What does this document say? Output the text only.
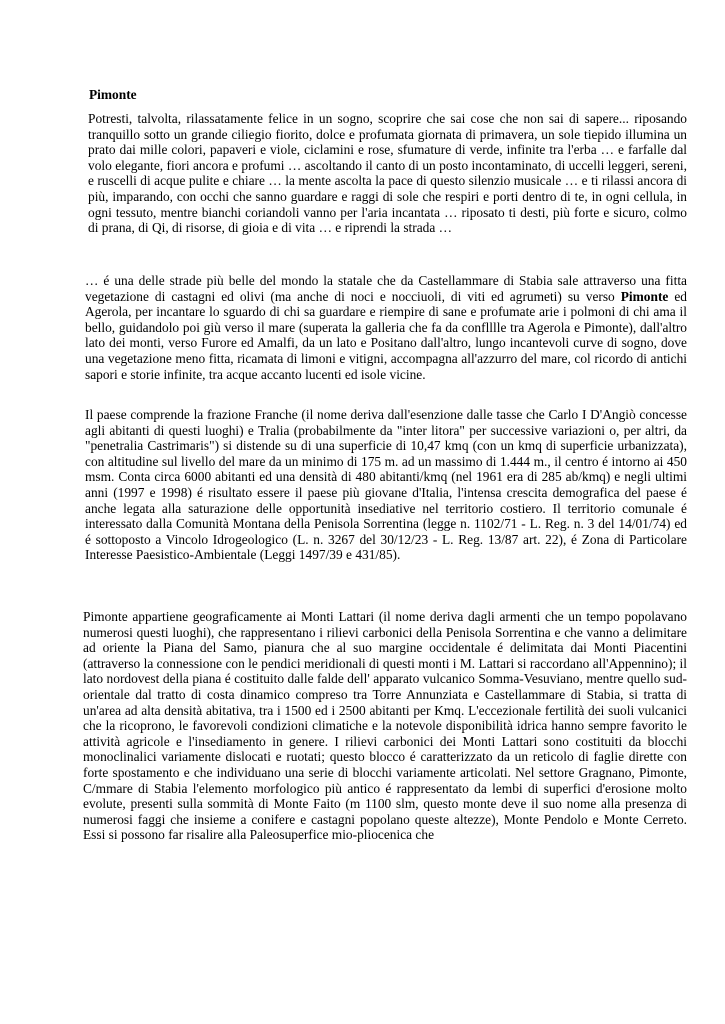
Pimonte

Potresti, talvolta, rilassatamente felice in un sogno, scoprire che sai cose che non sai di sapere... riposando tranquillo sotto un grande ciliegio fiorito, dolce e profumata giornata di primavera, un sole tiepido illumina un prato dai mille colori, papaveri e viole, ciclamini e rose, sfumature di verde, infinite tra l'erba … e farfalle dal volo elegante, fiori ancora e profumi … ascoltando il canto di un posto incontaminato, di uccelli leggeri, sereni, e ruscelli di acque pulite e chiare … la mente ascolta la pace di questo silenzio musicale … e ti rilassi ancora di più, imparando, con occhi che sanno guardare e raggi di sole che respiri e porti dentro di te, in ogni cellula, in ogni tessuto, mentre bianchi coriandoli vanno per l'aria incantata … riposato ti desti, più forte e sicuro, colmo di prana, di Qi, di risorse, di gioia e di vita … e riprendi la strada …

… é una delle strade più belle del mondo la statale che da Castellammare di Stabia sale attraverso una fitta vegetazione di castagni ed olivi (ma anche di noci e nocciuoli, di viti ed agrumeti) su verso Pimonte ed Agerola, per incantare lo sguardo di chi sa guardare e riempire di sane e profumate arie i polmoni di chi ama il bello, guidandolo poi giù verso il mare (superata la galleria che fa da conflllle tra Agerola e Pimonte), dall'altro lato dei monti, verso Furore ed Amalfi, da un lato e Positano dall'altro, lungo incantevoli curve di sogno, dove una vegetazione meno fitta, ricamata di limoni e vitigni, accompagna all'azzurro del mare, col ricordo di antichi sapori e storie infinite, tra acque accanto lucenti ed isole vicine.

Il paese comprende la frazione Franche (il nome deriva dall'esenzione dalle tasse che Carlo I D'Angiò concesse agli abitanti di questi luoghi) e Tralia (probabilmente da "inter litora" per successive variazioni o, per altri, da "penetralia Castrimaris") si distende su di una superficie di 10,47 kmq (con un kmq di superficie urbanizzata), con altitudine sul livello del mare da un minimo di 175 m. ad un massimo di 1.444 m., il centro é intorno ai 450 msm. Conta circa 6000 abitanti ed una densità di 480 abitanti/kmq (nel 1961 era di 285 ab/kmq) e negli ultimi anni (1997 e 1998) é risultato essere il paese più giovane d'Italia, l'intensa crescita demografica del paese é anche legata alla saturazione delle opportunità insediative nel territorio costiero. Il territorio comunale é interessato dalla Comunità Montana della Penisola Sorrentina (legge n. 1102/71 - L. Reg. n. 3 del 14/01/74) ed é sottoposto a Vincolo Idrogeologico (L. n. 3267 del 30/12/23 - L. Reg. 13/87 art. 22), é Zona di Particolare Interesse Paesistico-Ambientale (Leggi 1497/39 e 431/85).

Pimonte appartiene geograficamente ai Monti Lattari (il nome deriva dagli armenti che un tempo popolavano numerosi questi luoghi), che rappresentano i rilievi carbonici della Penisola Sorrentina e che vanno a delimitare ad oriente la Piana del Samo, pianura che al suo margine occidentale é delimitata dai Monti Piacentini (attraverso la connessione con le pendici meridionali di questi monti i M. Lattari si raccordano all'Appennino); il lato nordovest della piana é costituito dalle falde dell' apparato vulcanico Somma-Vesuviano, mentre quello sud-orientale dal tratto di costa dinamico compreso tra Torre Annunziata e Castellammare di Stabia, si tratta di un'area ad alta densità abitativa, tra i 1500 ed i 2500 abitanti per Kmq. L'eccezionale fertilità dei suoli vulcanici che la ricoprono, le favorevoli condizioni climatiche e la notevole disponibilità idrica hanno sempre favorito le attività agricole e l'insediamento in genere. I rilievi carbonici dei Monti Lattari sono costituiti da blocchi monoclinalici variamente dislocati e ruotati; questo blocco é caratterizzato da un reticolo di faglie dirette con forte spostamento e che individuano una serie di blocchi variamente articolati. Nel settore Gragnano, Pimonte, C/mmare di Stabia l'elemento morfologico più antico é rappresentato da lembi di superfici d'erosione molto evolute, presenti sulla sommità di Monte Faito (m 1100 slm, questo monte deve il suo nome alla presenza di numerosi faggi che insieme a conifere e castagni popolano queste altezze), Monte Pendolo e Monte Cerreto. Essi si possono far risalire alla Paleosuperfice mio-pliocenica che
